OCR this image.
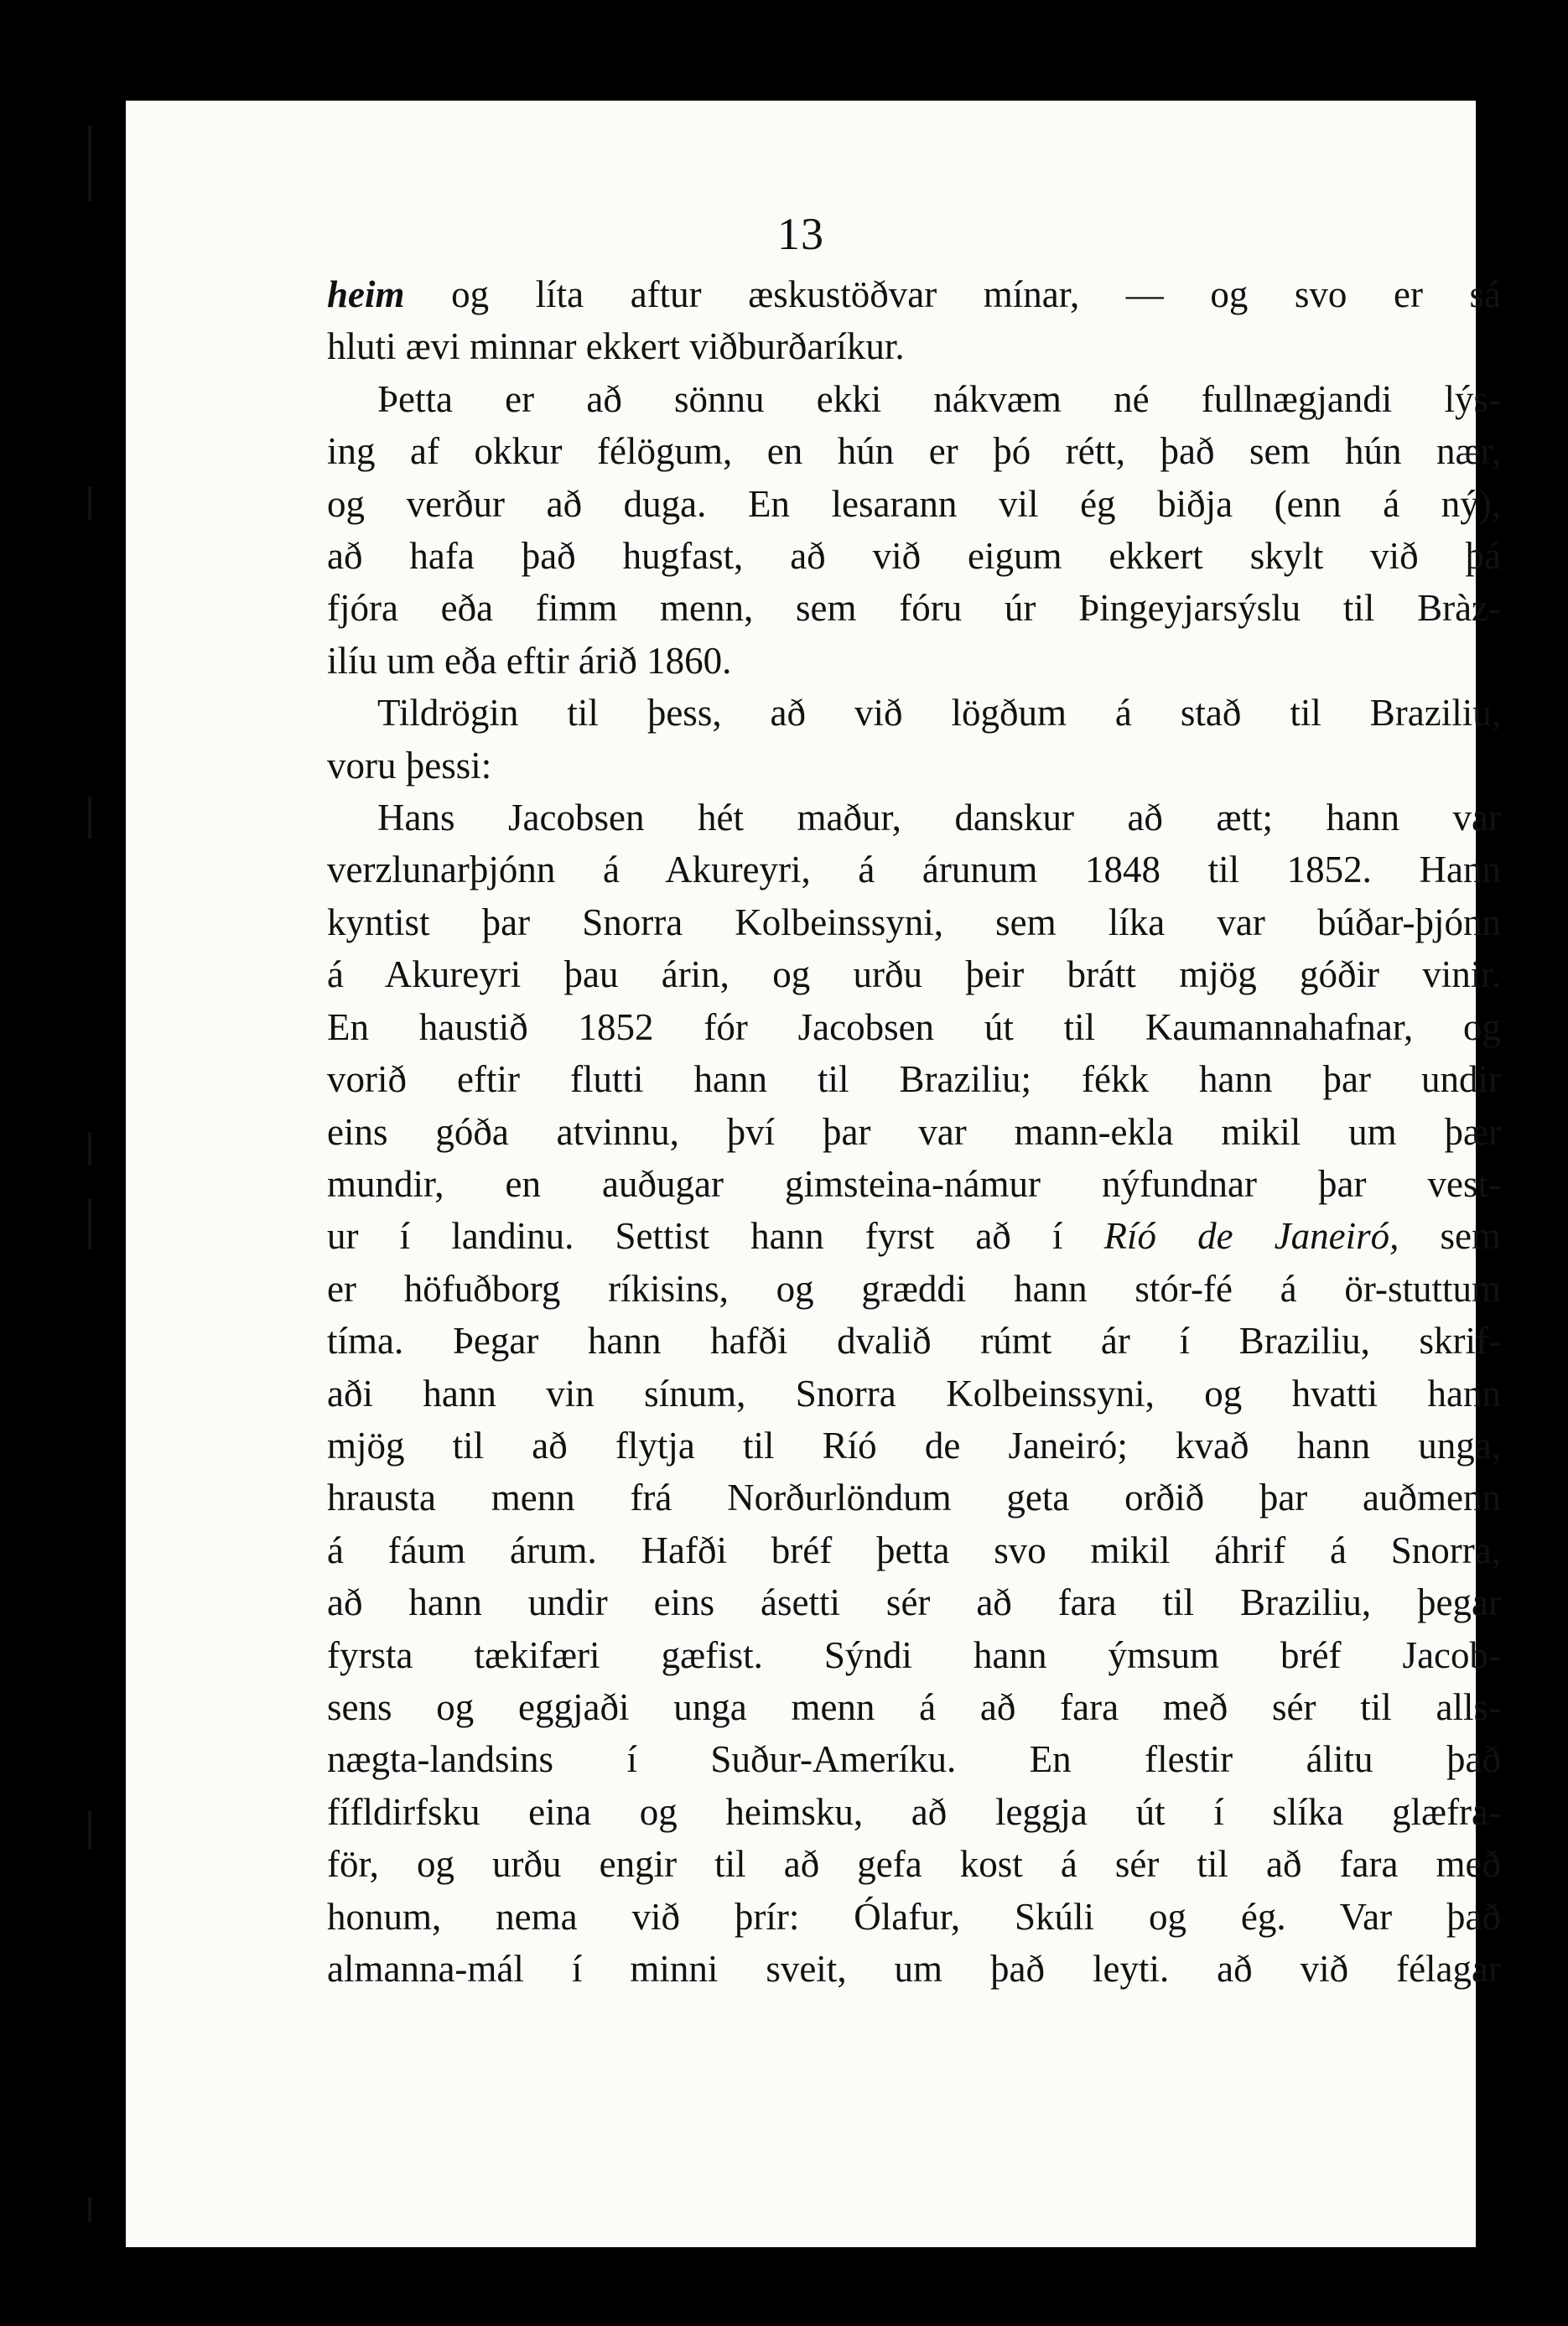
13

heim og líta aftur æskustöðvar mínar, — og svo er sá
hluti ævi minnar ekkert viðburðaríkur.

Þetta er að sönnu ekki nákvæm né fullnægjandi lýs-
ing af okkur félögum, en hún er þó rétt, það sem hún nær,
og verður að duga. En lesarann vil ég biðja (enn á ný),
að hafa það hugfast, að við eigum ekkert skylt við þá
fjóra eða fimm menn, sem fóru úr Þingeyjarsýslu til Bràz-
ilíu um eða eftir árið 1860.

Tildrögin til þess, að við lögðum á stað til Braziliu,
voru þessi:

Hans Jacobsen hét maður, danskur að ætt; hann var
verzlunarþjónn á Akureyri, á árunum 1848 til 1852. Hann
kyntist þar Snorra Kolbeinssyni, sem líka var búðar-þjónn
á Akureyri þau árin, og urðu þeir brátt mjög góðir vinir.
En haustið 1852 fór Jacobsen út til Kaumannahafnar, og
vorið eftir flutti hann til Braziliu; fékk hann þar undir
eins góða atvinnu, því þar var mann-ekla mikil um þær
mundir, en auðugar gimsteina-námur nýfundnar þar vest-
ur í landinu. Settist hann fyrst að í Ríó de Janeiró, sem
er höfuðborg ríkisins, og græddi hann stór-fé á ör-stuttum
tíma. Þegar hann hafði dvalið rúmt ár í Braziliu, skrif-
aði hann vin sínum, Snorra Kolbeinssyni, og hvatti hann
mjög til að flytja til Ríó de Janeiró; kvað hann unga,
hrausta menn frá Norðurlöndum geta orðið þar auðmenn
á fáum árum. Hafði bréf þetta svo mikil áhrif á Snorra,
að hann undir eins ásetti sér að fara til Braziliu, þegar
fyrsta tækifæri gæfist. Sýndi hann ýmsum bréf Jacob-
sens og eggjaði unga menn á að fara með sér til alls-
nægta-landsins í Suður-Ameríku. En flestir álitu það
fífldirfsku eina og heimsku, að leggja út í slíka glæfra-
för, og urðu engir til að gefa kost á sér til að fara með
honum, nema við þrír: Ólafur, Skúli og ég. Var það
almanna-mál í minni sveit, um það leyti. að við félagar
